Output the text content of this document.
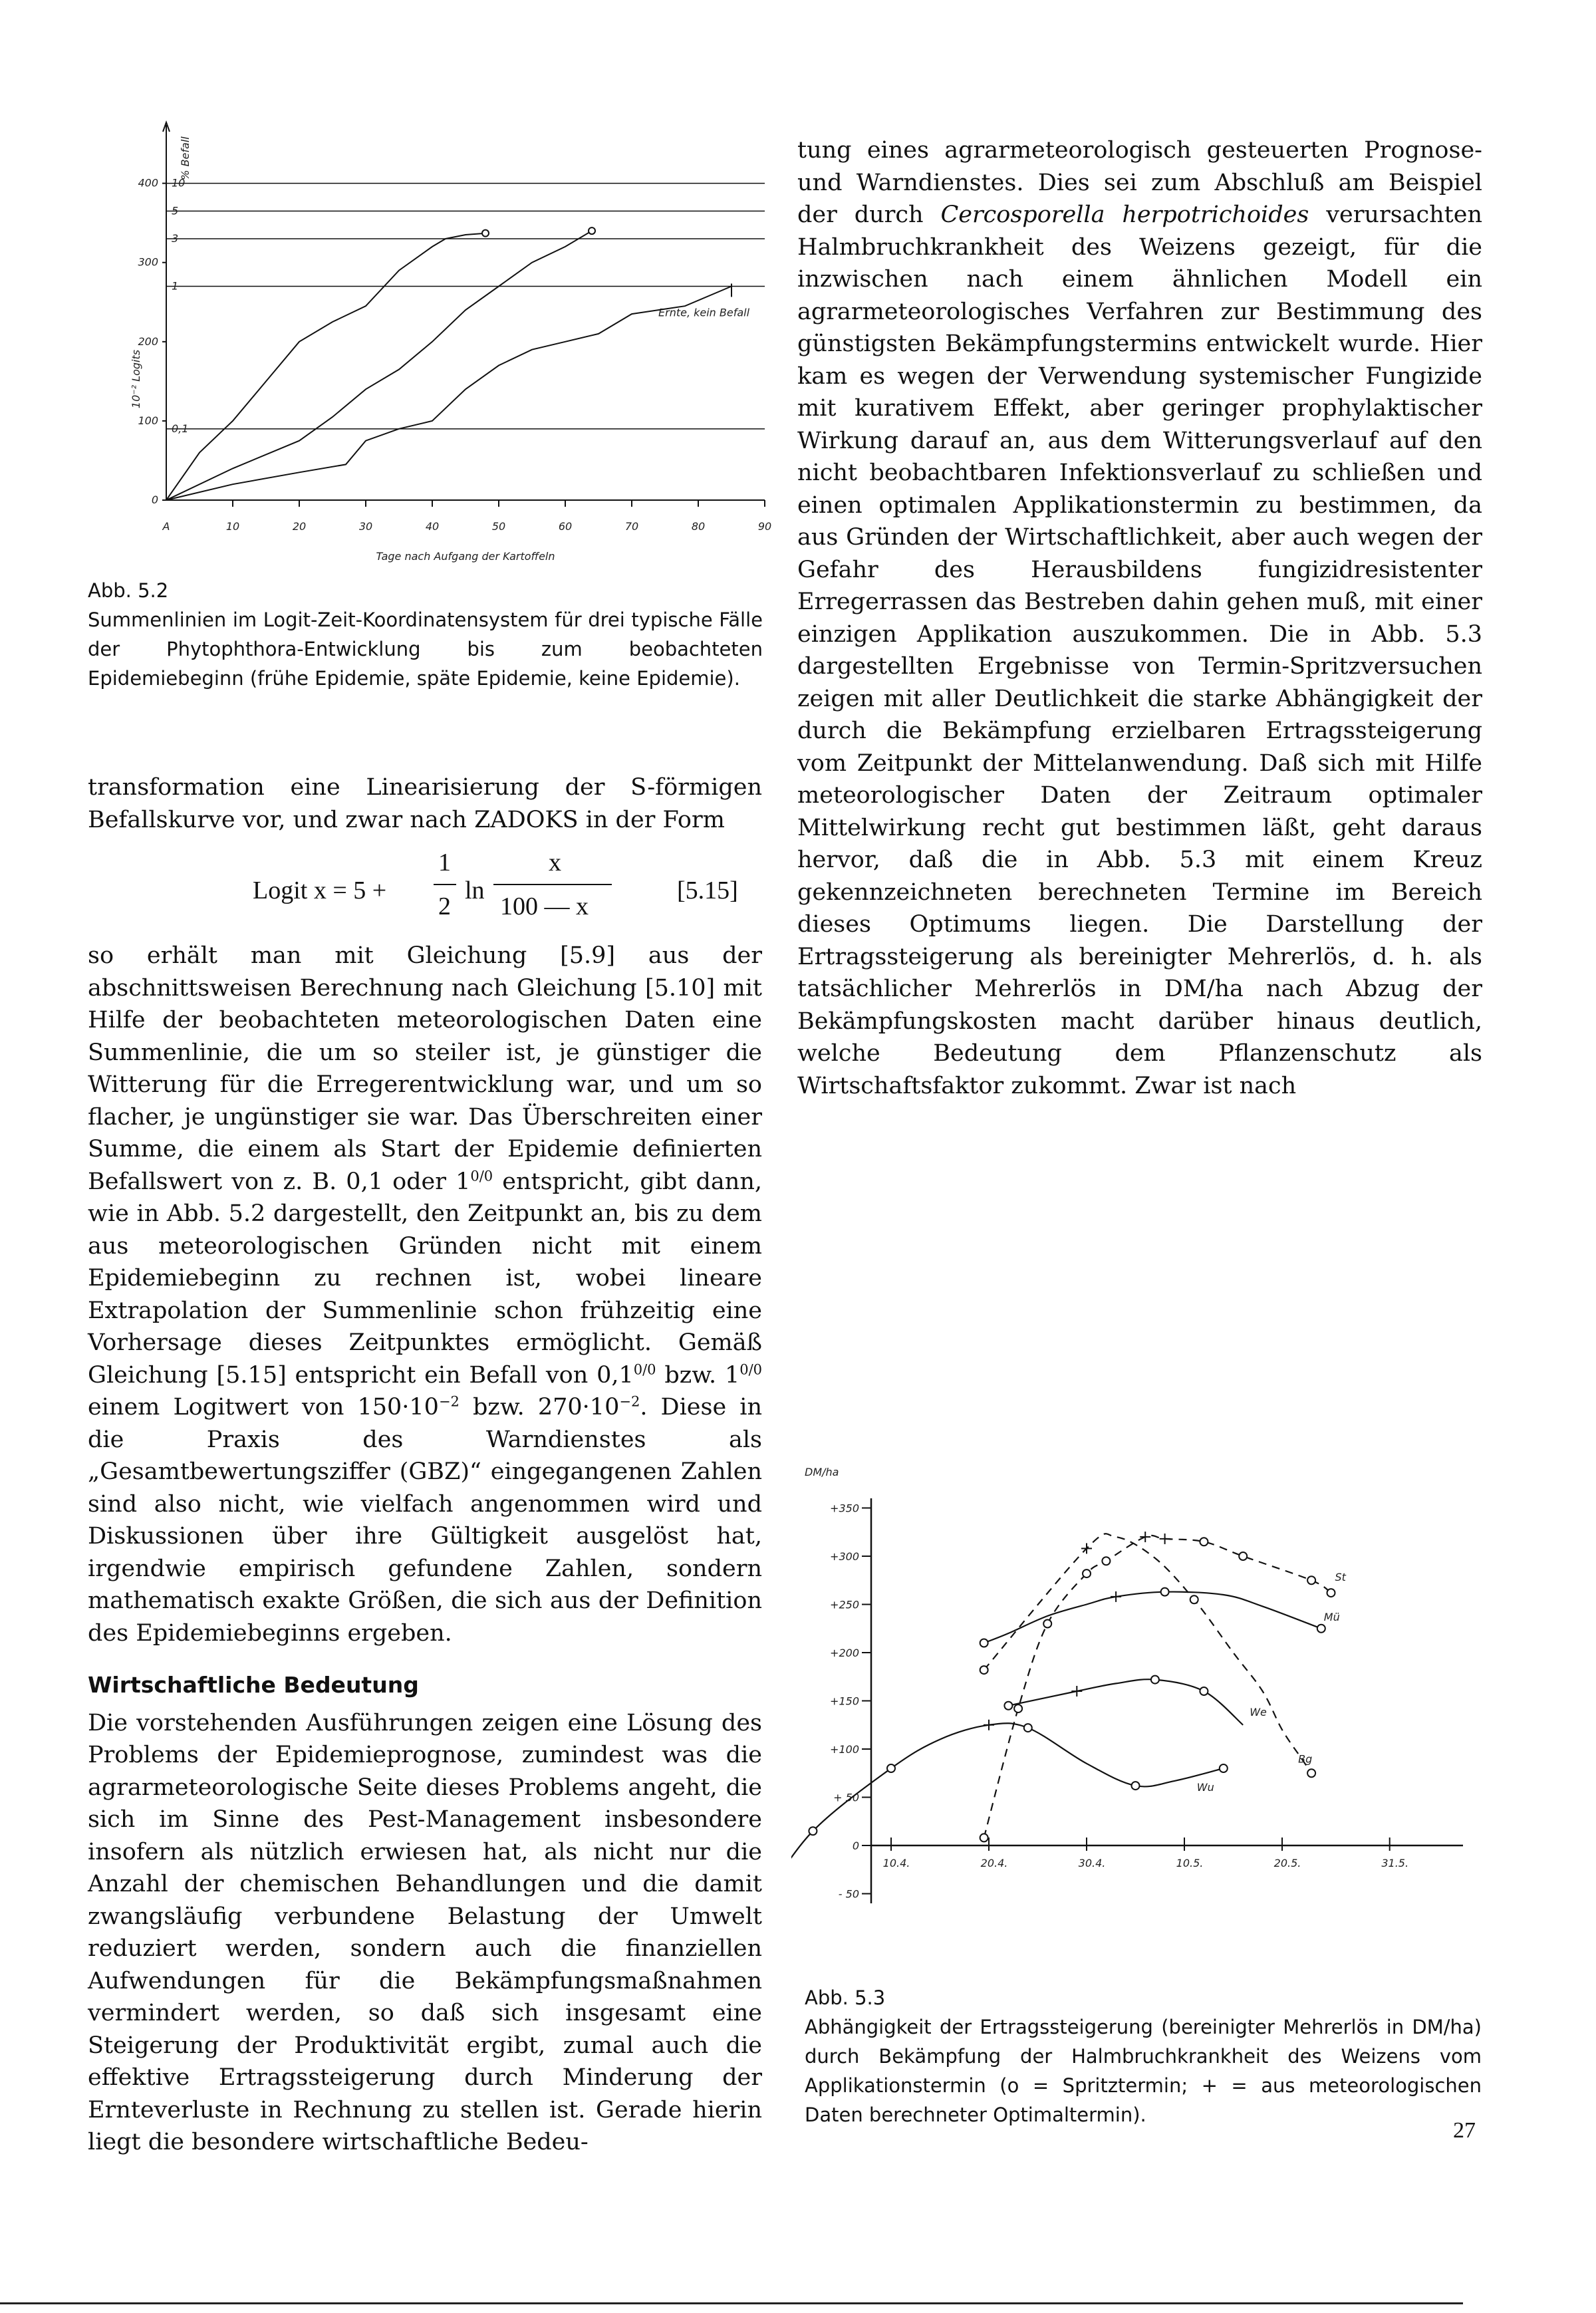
0
100
200
300
400
0,1
1
3
5
10
A	10	20	30	40	50	60	70	80	90
10⁻² Logits
% Befall
Tage nach Aufgang der Kartoffeln
Ernte, kein Befall
Abb. 5.2
Summenlinien im Logit-Zeit-Koordinatensystem für drei typische Fälle der Phytophthora-Entwicklung bis zum beobachteten Epidemiebeginn (frühe Epidemie, späte Epidemie, keine Epidemie).

transformation eine Linearisierung der S-förmigen Befallskurve vor, und zwar nach ZADOKS in der Form

Logit x = 5 +
1
2
ln
x
100 — x
[5.15]

so erhält man mit Gleichung [5.9] aus der abschnittsweisen Berechnung nach Gleichung [5.10] mit Hilfe der beobachteten meteorologischen Daten eine Summenlinie, die um so steiler ist, je günstiger die Witterung für die Erregerentwicklung war, und um so flacher, je ungünstiger sie war. Das Überschreiten einer Summe, die einem als Start der Epidemie definierten Befallswert von z. B. 0,1 oder $1^{0/0}$ entspricht, gibt dann, wie in Abb. 5.2 dargestellt, den Zeitpunkt an, bis zu dem aus meteorologischen Gründen nicht mit einem Epidemiebeginn zu rechnen ist, wobei lineare Extrapolation der Summenlinie schon frühzeitig eine Vorhersage dieses Zeitpunktes ermöglicht. Gemäß Gleichung [5.15] entspricht ein Befall von $0,1^{0/0}$ bzw. $1^{0/0}$ einem Logitwert von $150\cdot 10^{-2}$ bzw. $270\cdot 10^{-2}$. Diese in die Praxis des Warndienstes als „Gesamtbewertungsziffer (GBZ)“ eingegangenen Zahlen sind also nicht, wie vielfach angenommen wird und Diskussionen über ihre Gültigkeit ausgelöst hat, irgendwie empirisch gefundene Zahlen, sondern mathematisch exakte Größen, die sich aus der Definition des Epidemiebeginns ergeben.

Wirtschaftliche Bedeutung

Die vorstehenden Ausführungen zeigen eine Lösung des Problems der Epidemieprognose, zumindest was die agrarmeteorologische Seite dieses Problems angeht, die sich im Sinne des Pest-Management insbesondere insofern als nützlich erwiesen hat, als nicht nur die Anzahl der chemischen Behandlungen und die damit zwangsläufig verbundene Belastung der Umwelt reduziert werden, sondern auch die finanziellen Aufwendungen für die Bekämpfungsmaßnahmen vermindert werden, so daß sich insgesamt eine Steigerung der Produktivität ergibt, zumal auch die effektive Ertragssteigerung durch Minderung der Ernteverluste in Rechnung zu stellen ist. Gerade hierin liegt die besondere wirtschaftliche Bedeu-

tung eines agrarmeteorologisch gesteuerten Prognose- und Warndienstes. Dies sei zum Abschluß am Beispiel der durch Cercosporella herpotrichoides verursachten Halmbruchkrankheit des Weizens gezeigt, für die inzwischen nach einem ähnlichen Modell ein agrarmeteorologisches Verfahren zur Bestimmung des günstigsten Bekämpfungstermins entwickelt wurde. Hier kam es wegen der Verwendung systemischer Fungizide mit kurativem Effekt, aber geringer prophylaktischer Wirkung darauf an, aus dem Witterungsverlauf auf den nicht beobachtbaren Infektionsverlauf zu schließen und einen optimalen Applikationstermin zu bestimmen, da aus Gründen der Wirtschaftlichkeit, aber auch wegen der Gefahr des Herausbildens fungizidresistenter Erregerrassen das Bestreben dahin gehen muß, mit einer einzigen Applikation auszukommen. Die in Abb. 5.3 dargestellten Ergebnisse von Termin-Spritzversuchen zeigen mit aller Deutlichkeit die starke Abhängigkeit der durch die Bekämpfung erzielbaren Ertragssteigerung vom Zeitpunkt der Mittelanwendung. Daß sich mit Hilfe meteorologischer Daten der Zeitraum optimaler Mittelwirkung recht gut bestimmen läßt, geht daraus hervor, daß die in Abb. 5.3 mit einem Kreuz gekennzeichneten berechneten Termine im Bereich dieses Optimums liegen. Die Darstellung der Ertragssteigerung als bereinigter Mehrerlös, d. h. als tatsächlicher Mehrerlös in DM/ha nach Abzug der Bekämpfungskosten macht darüber hinaus deutlich, welche Bedeutung dem Pflanzenschutz als Wirtschaftsfaktor zukommt. Zwar ist nach

DM/ha
- 50
0
+ 50
+100
+150
+200
+250
+300
+350
10.4.	20.4.	30.4.	10.5.	20.5.	31.5.
St
Mü
We
Bg
Wu
Abb. 5.3
Abhängigkeit der Ertragssteigerung (bereinigter Mehrerlös in DM/ha) durch Bekämpfung der Halmbruchkrankheit des Weizens vom Applikationstermin (o = Spritztermin; + = aus meteorologischen Daten berechneter Optimaltermin).
27
